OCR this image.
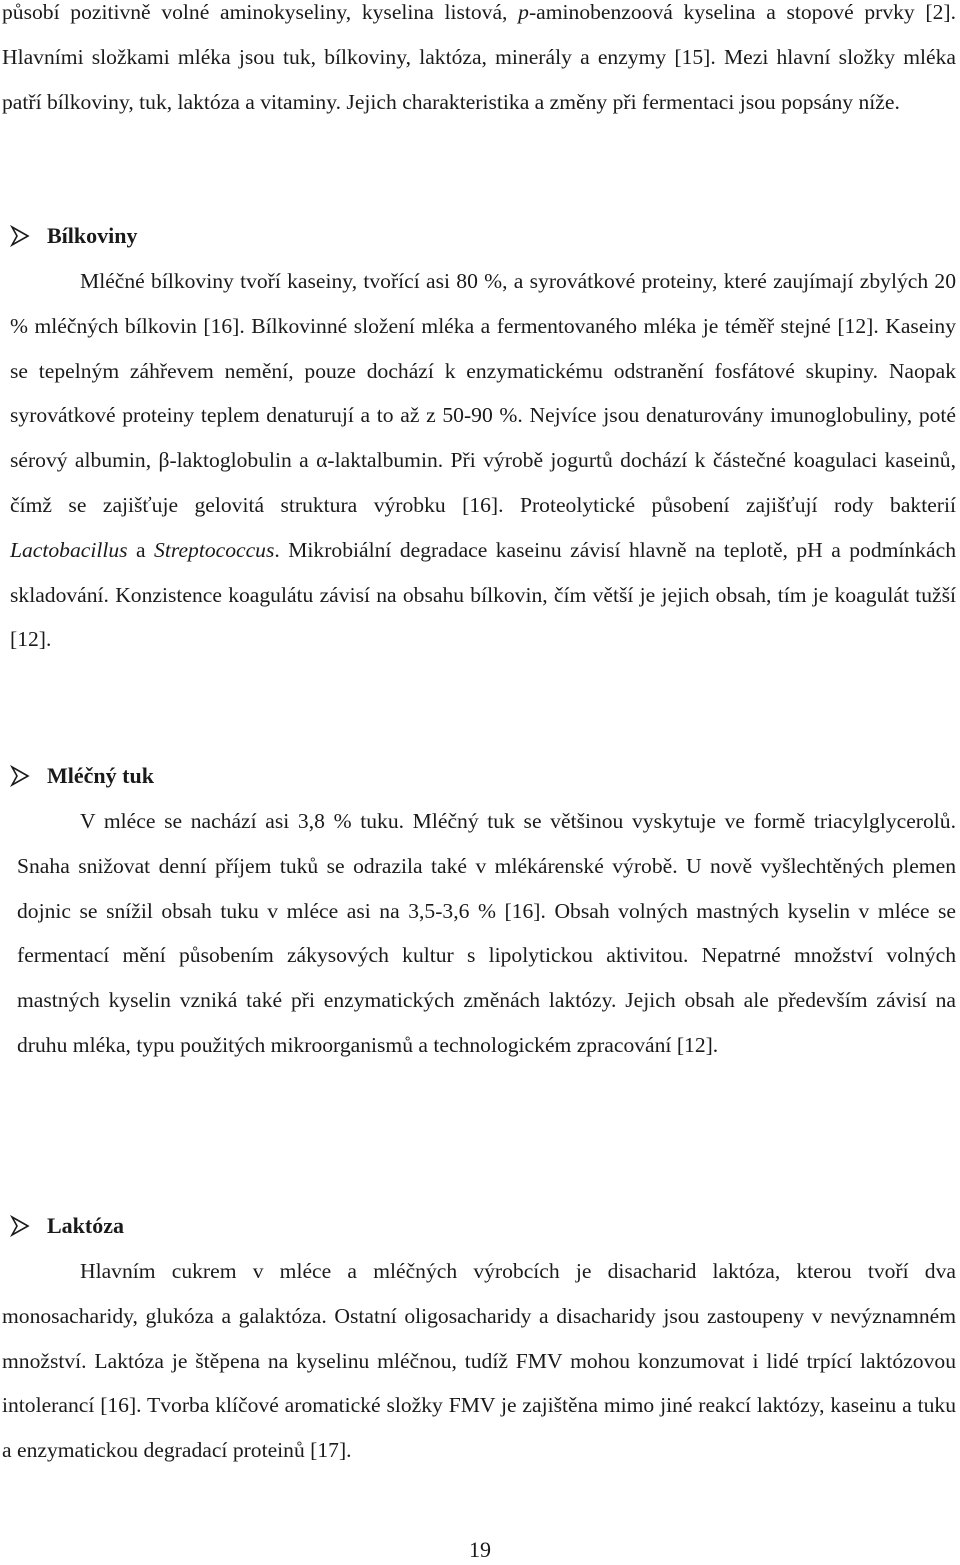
působí pozitivně volné aminokyseliny, kyselina listová, p-aminobenzoová kyselina a stopové prvky [2]. Hlavními složkami mléka jsou tuk, bílkoviny, laktóza, minerály a enzymy [15]. Mezi hlavní složky mléka patří bílkoviny, tuk, laktóza a vitaminy. Jejich charakteristika a změny při fermentaci jsou popsány níže.

Bílkoviny

Mléčné bílkoviny tvoří kaseiny, tvořící asi 80 %, a syrovátkové proteiny, které zaujímají zbylých 20 % mléčných bílkovin [16]. Bílkovinné složení mléka a fermentovaného mléka je téměř stejné [12]. Kaseiny se tepelným záhřevem nemění, pouze dochází k enzymatickému odstranění fosfátové skupiny. Naopak syrovátkové proteiny teplem denaturují a to až z 50-90 %. Nejvíce jsou denaturovány imunoglobuliny, poté sérový albumin, β-laktoglobulin a α-laktalbumin. Při výrobě jogurtů dochází k částečné koagulaci kaseinů, čímž se zajišťuje gelovitá struktura výrobku [16]. Proteolytické působení zajišťují rody bakterií Lactobacillus a Streptococcus. Mikrobiální degradace kaseinu závisí hlavně na teplotě, pH a podmínkách skladování. Konzistence koagulátu závisí na obsahu bílkovin, čím větší je jejich obsah, tím je koagulát tužší [12].

Mléčný tuk

V mléce se nachází asi 3,8 % tuku. Mléčný tuk se většinou vyskytuje ve formě triacylglycerolů. Snaha snižovat denní příjem tuků se odrazila také v mlékárenské výrobě. U nově vyšlechtěných plemen dojnic se snížil obsah tuku v mléce asi na 3,5-3,6 % [16]. Obsah volných mastných kyselin v mléce se fermentací mění působením zákysových kultur s lipolytickou aktivitou. Nepatrné množství volných mastných kyselin vzniká také při enzymatických změnách laktózy. Jejich obsah ale především závisí na druhu mléka, typu použitých mikroorganismů a technologickém zpracování [12].

Laktóza

Hlavním cukrem v mléce a mléčných výrobcích je disacharid laktóza, kterou tvoří dva monosacharidy, glukóza a galaktóza. Ostatní oligosacharidy a disacharidy jsou zastoupeny v nevýznamném množství. Laktóza je štěpena na kyselinu mléčnou, tudíž FMV mohou konzumovat i lidé trpící laktózovou intolerancí [16]. Tvorba klíčové aromatické složky FMV je zajištěna mimo jiné reakcí laktózy, kaseinu a tuku a enzymatickou degradací proteinů [17].

19
